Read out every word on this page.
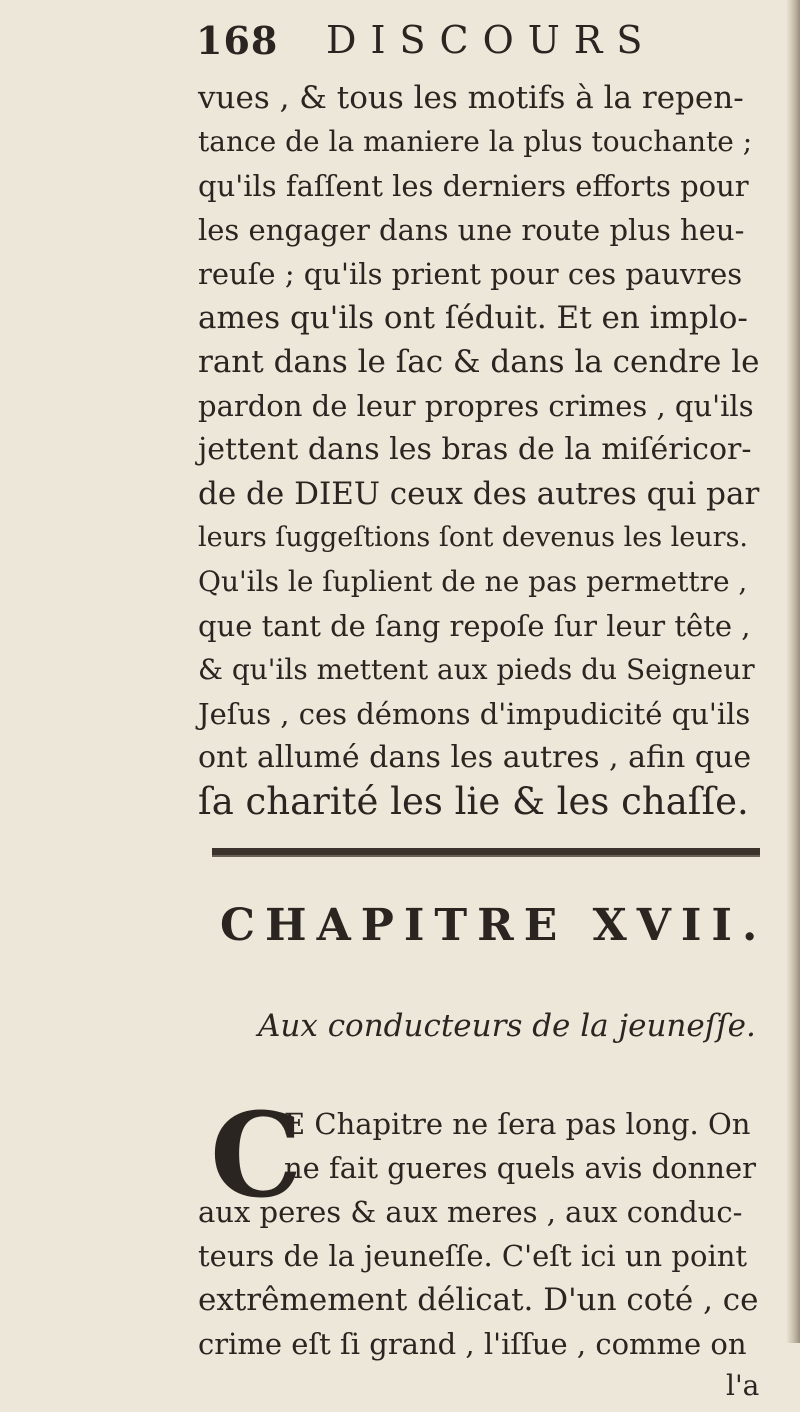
168 DISCOURS
vues , & tous les motifs à la repen-
tance de la maniere la plus touchante ;
qu'ils faſſent les derniers efforts pour
les engager dans une route plus heu-
reuſe ; qu'ils prient pour ces pauvres
ames qu'ils ont ſéduit. Et en implo-
rant dans le ſac & dans la cendre le
pardon de leur propres crimes , qu'ils
jettent dans les bras de la miſéricor-
de de DIEU ceux des autres qui par
leurs ſuggeſtions ſont devenus les leurs.
Qu'ils le ſuplient de ne pas permettre ,
que tant de ſang repoſe ſur leur tête ,
& qu'ils mettent aux pieds du Seigneur
Jeſus , ces démons d'impudicité qu'ils
ont allumé dans les autres , afin que
ſa charité les lie & les chaſſe.
CHAPITRE XVII.
Aux conducteurs de la jeuneſſe.
C
E Chapitre ne ſera pas long. On
ne fait gueres quels avis donner
aux peres & aux meres , aux conduc-
teurs de la jeuneſſe. C'eſt ici un point
extrêmement délicat. D'un coté , ce
crime eſt ſi grand , l'iſſue , comme on
l'a
